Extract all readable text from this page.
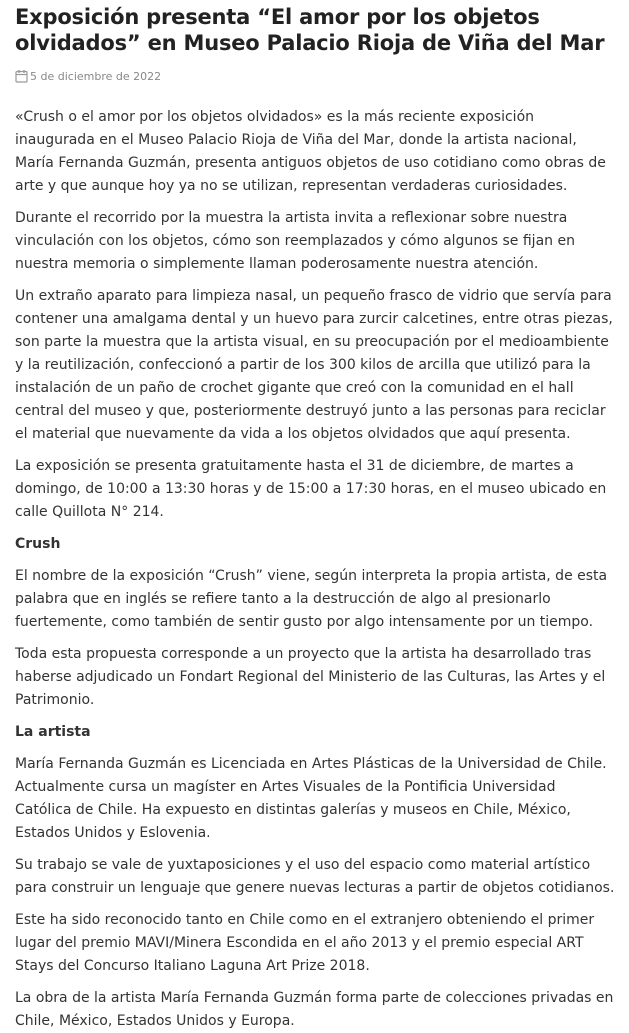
Exposición presenta “El amor por los objetos olvidados” en Museo Palacio Rioja de Viña del Mar
5 de diciembre de 2022

«Crush o el amor por los objetos olvidados» es la más reciente exposición inaugurada en el Museo Palacio Rioja de Viña del Mar, donde la artista nacional, María Fernanda Guzmán, presenta antiguos objetos de uso cotidiano como obras de arte y que aunque hoy ya no se utilizan, representan verdaderas curiosidades.

Durante el recorrido por la muestra la artista invita a reflexionar sobre nuestra vinculación con los objetos, cómo son reemplazados y cómo algunos se fijan en nuestra memoria o simplemente llaman poderosamente nuestra atención.

Un extraño aparato para limpieza nasal, un pequeño frasco de vidrio que servía para contener una amalgama dental y un huevo para zurcir calcetines, entre otras piezas, son parte la muestra que la artista visual, en su preocupación por el medioambiente y la reutilización, confeccionó a partir de los 300 kilos de arcilla que utilizó para la instalación de un paño de crochet gigante que creó con la comunidad en el hall central del museo y que, posteriormente destruyó junto a las personas para reciclar el material que nuevamente da vida a los objetos olvidados que aquí presenta.

La exposición se presenta gratuitamente hasta el 31 de diciembre, de martes a domingo, de 10:00 a 13:30 horas y de 15:00 a 17:30 horas, en el museo ubicado en calle Quillota N° 214.

Crush

El nombre de la exposición “Crush” viene, según interpreta la propia artista, de esta palabra que en inglés se refiere tanto a la destrucción de algo al presionarlo fuertemente, como también de sentir gusto por algo intensamente por un tiempo.

Toda esta propuesta corresponde a un proyecto que la artista ha desarrollado tras haberse adjudicado un Fondart Regional del Ministerio de las Culturas, las Artes y el Patrimonio.

La artista

María Fernanda Guzmán es Licenciada en Artes Plásticas de la Universidad de Chile. Actualmente cursa un magíster en Artes Visuales de la Pontificia Universidad Católica de Chile. Ha expuesto en distintas galerías y museos en Chile, México, Estados Unidos y Eslovenia.

Su trabajo se vale de yuxtaposiciones y el uso del espacio como material artístico para construir un lenguaje que genere nuevas lecturas a partir de objetos cotidianos.

Este ha sido reconocido tanto en Chile como en el extranjero obteniendo el primer lugar del premio MAVI/Minera Escondida en el año 2013 y el premio especial ART Stays del Concurso Italiano Laguna Art Prize 2018.

La obra de la artista María Fernanda Guzmán forma parte de colecciones privadas en Chile, México, Estados Unidos y Europa.
